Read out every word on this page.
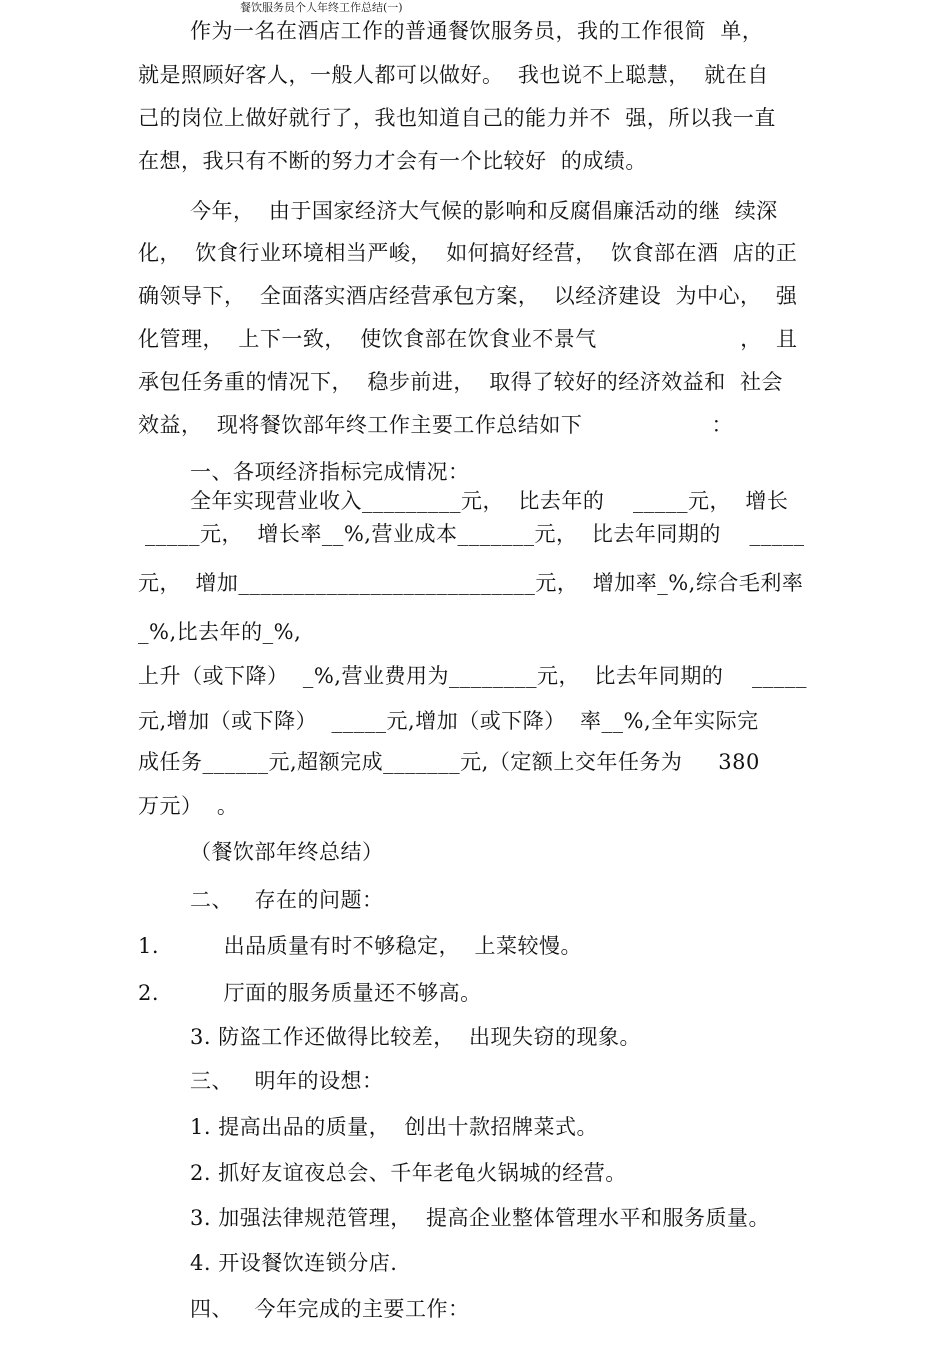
餐饮服务员个人年终工作总结(一)
作为一名在酒店工作的普通餐饮服务员，我的工作很简  单，
就是照顾好客人，一般人都可以做好。  我也说不上聪慧，  就在自
己的岗位上做好就行了，我也知道自己的能力并不  强，所以我一直
在想，我只有不断的努力才会有一个比较好  的成绩。
今年，  由于国家经济大气候的影响和反腐倡廉活动的继  续深
化，  饮食行业环境相当严峻，  如何搞好经营，  饮食部在酒  店的正
确领导下，  全面落实酒店经营承包方案，  以经济建设  为中心，  强
化管理，  上下一致，  使饮食部在饮食业不景气                    ，  且
承包任务重的情况下，  稳步前进，  取得了较好的经济效益和  社会
效益，  现将餐饮部年终工作主要工作总结如下                  ：
一、各项经济指标完成情况：
全年实现营业收入_________元，  比去年的    _____元，  增长
_____元，  增长率__%,营业成本_______元，  比去年同期的    _____
元，  增加___________________________元，  增加率_%,综合毛利率
_%,比去年的_%,
上升（或下降）  _%,营业费用为________元，  比去年同期的    _____
元,增加（或下降）  _____元,增加（或下降）  率__%,全年实际完
成任务______元,超额完成_______元,（定额上交年任务为     380
万元）  。
（餐饮部年终总结）
二、   存在的问题：
1.         出品质量有时不够稳定，  上菜较慢。
2.         厅面的服务质量还不够高。
3. 防盗工作还做得比较差，  出现失窃的现象。
三、   明年的设想：
1. 提高出品的质量，  创出十款招牌菜式。
2. 抓好友谊夜总会、千年老龟火锅城的经营。
3. 加强法律规范管理，  提高企业整体管理水平和服务质量。
4. 开设餐饮连锁分店.
四、   今年完成的主要工作：
